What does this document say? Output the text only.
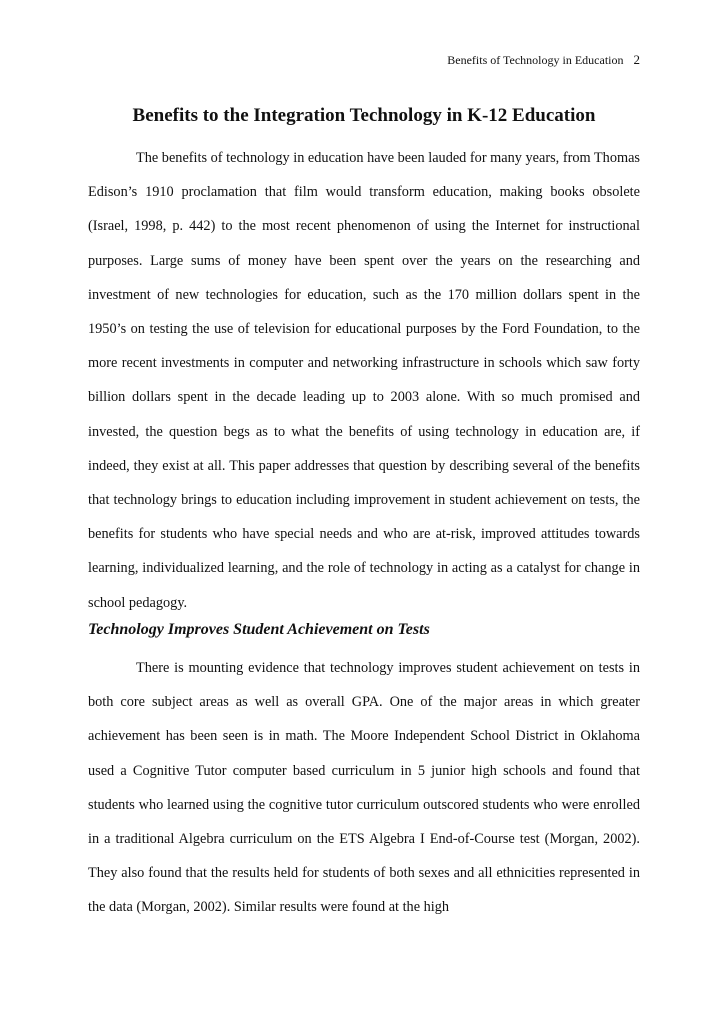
Benefits of Technology in Education 2
Benefits to the Integration Technology in K-12 Education

The benefits of technology in education have been lauded for many years, from Thomas Edison’s 1910 proclamation that film would transform education, making books obsolete (Israel, 1998, p. 442) to the most recent phenomenon of using the Internet for instructional purposes. Large sums of money have been spent over the years on the researching and investment of new technologies for education, such as the 170 million dollars spent in the 1950’s on testing the use of television for educational purposes by the Ford Foundation, to the more recent investments in computer and networking infrastructure in schools which saw forty billion dollars spent in the decade leading up to 2003 alone. With so much promised and invested, the question begs as to what the benefits of using technology in education are, if indeed, they exist at all. This paper addresses that question by describing several of the benefits that technology brings to education including improvement in student achievement on tests, the benefits for students who have special needs and who are at-risk, improved attitudes towards learning, individualized learning, and the role of technology in acting as a catalyst for change in school pedagogy.

Technology Improves Student Achievement on Tests

There is mounting evidence that technology improves student achievement on tests in both core subject areas as well as overall GPA. One of the major areas in which greater achievement has been seen is in math. The Moore Independent School District in Oklahoma used a Cognitive Tutor computer based curriculum in 5 junior high schools and found that students who learned using the cognitive tutor curriculum outscored students who were enrolled in a traditional Algebra curriculum on the ETS Algebra I End-of-Course test (Morgan, 2002). They also found that the results held for students of both sexes and all ethnicities represented in the data (Morgan, 2002). Similar results were found at the high
